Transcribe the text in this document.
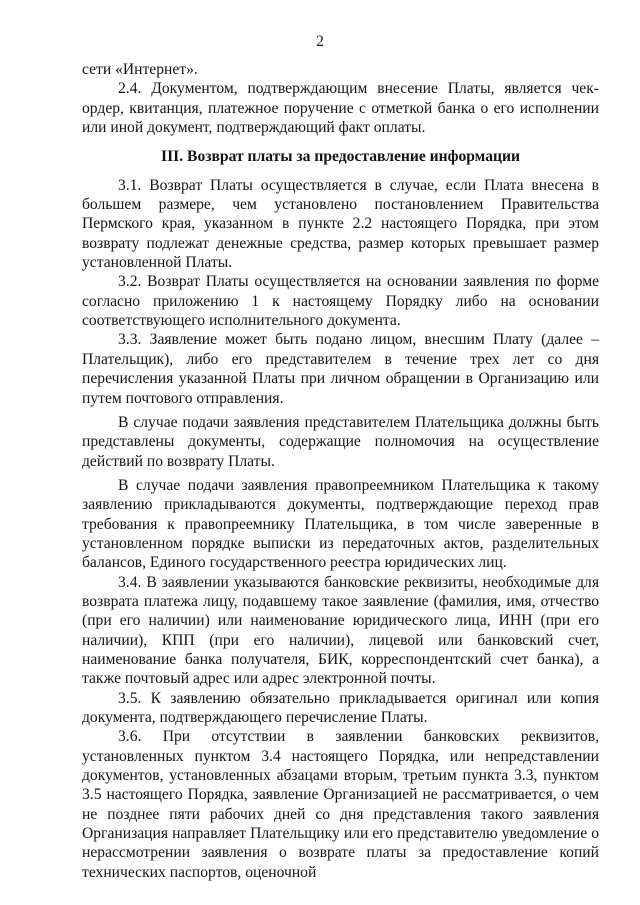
2

сети «Интернет».

2.4. Документом, подтверждающим внесение Платы, является чек-ордер, квитанция, платежное поручение с отметкой банка о его исполнении или иной документ, подтверждающий факт оплаты.

III. Возврат платы за предоставление информации

3.1. Возврат Платы осуществляется в случае, если Плата внесена в большем размере, чем установлено постановлением Правительства Пермского края, указанном в пункте 2.2 настоящего Порядка, при этом возврату подлежат денежные средства, размер которых превышает размер установленной Платы.

3.2. Возврат Платы осуществляется на основании заявления по форме согласно приложению 1 к настоящему Порядку либо на основании соответствующего исполнительного документа.

3.3. Заявление может быть подано лицом, внесшим Плату (далее – Плательщик), либо его представителем в течение трех лет со дня перечисления указанной Платы при личном обращении в Организацию или путем почтового отправления.

В случае подачи заявления представителем Плательщика должны быть представлены документы, содержащие полномочия на осуществление действий по возврату Платы.

В случае подачи заявления правопреемником Плательщика к такому заявлению прикладываются документы, подтверждающие переход прав требования к правопреемнику Плательщика, в том числе заверенные в установленном порядке выписки из передаточных актов, разделительных балансов, Единого государственного реестра юридических лиц.

3.4. В заявлении указываются банковские реквизиты, необходимые для возврата платежа лицу, подавшему такое заявление (фамилия, имя, отчество (при его наличии) или наименование юридического лица, ИНН (при его наличии), КПП (при его наличии), лицевой или банковский счет, наименование банка получателя, БИК, корреспондентский счет банка), а также почтовый адрес или адрес электронной почты.

3.5. К заявлению обязательно прикладывается оригинал или копия документа, подтверждающего перечисление Платы.

3.6. При отсутствии в заявлении банковских реквизитов, установленных пунктом 3.4 настоящего Порядка, или непредставлении документов, установленных абзацами вторым, третьим пункта 3.3, пунктом 3.5 настоящего Порядка, заявление Организацией не рассматривается, о чем не позднее пяти рабочих дней со дня представления такого заявления Организация направляет Плательщику или его представителю уведомление о нерассмотрении заявления о возврате платы за предоставление копий технических паспортов, оценочной
